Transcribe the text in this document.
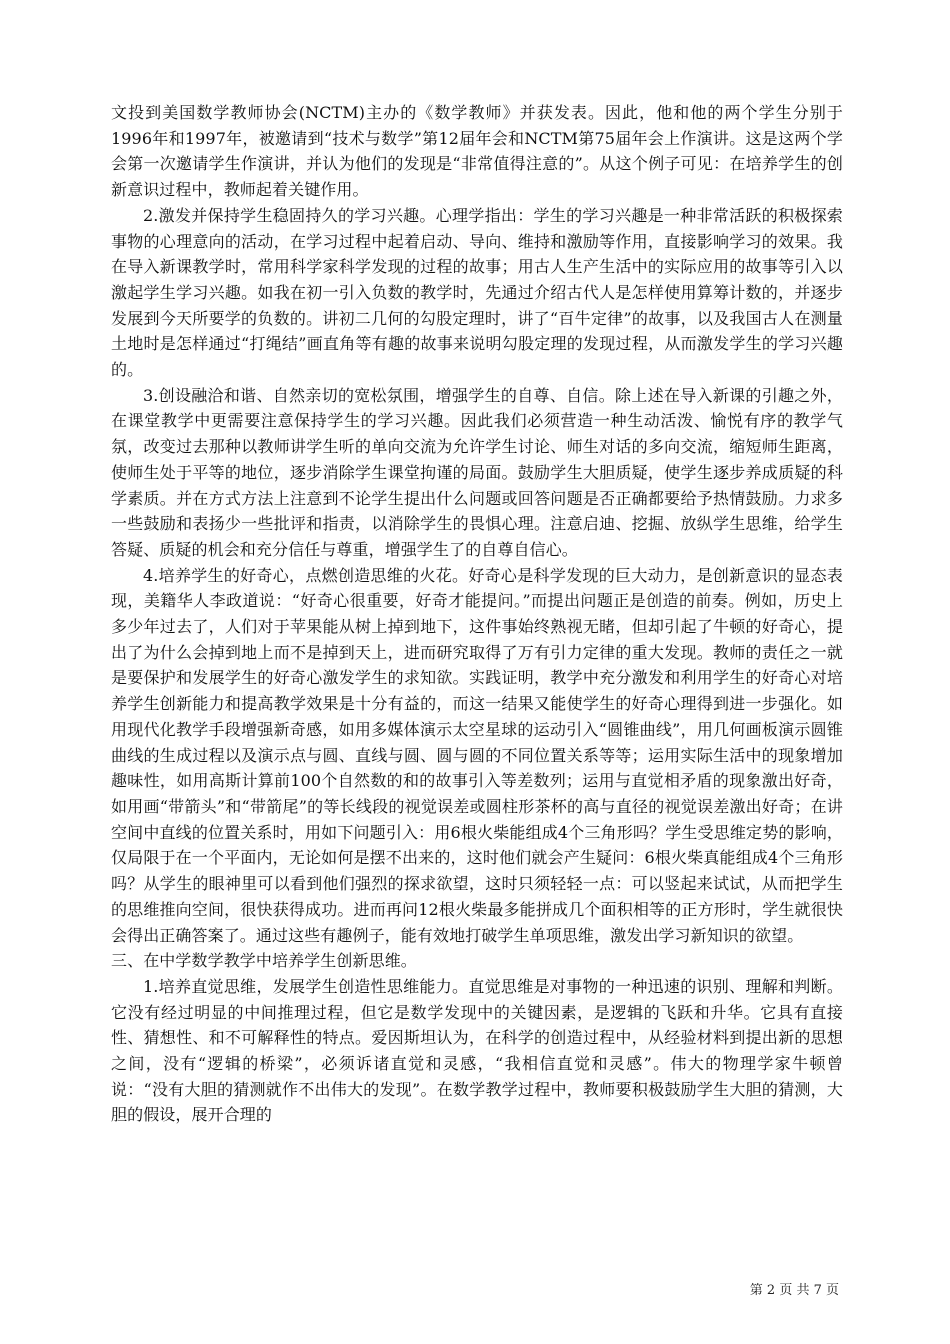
文投到美国数学教师协会(NCTM)主办的《数学教师》并获发表。因此，他和他的两个学生分别于1996年和1997年，被邀请到“技术与数学”第12届年会和NCTM第75届年会上作演讲。这是这两个学会第一次邀请学生作演讲，并认为他们的发现是“非常值得注意的”。从这个例子可见：在培养学生的创新意识过程中，教师起着关键作用。

2.激发并保持学生稳固持久的学习兴趣。心理学指出：学生的学习兴趣是一种非常活跃的积极探索事物的心理意向的活动，在学习过程中起着启动、导向、维持和激励等作用，直接影响学习的效果。我在导入新课教学时，常用科学家科学发现的过程的故事；用古人生产生活中的实际应用的故事等引入以激起学生学习兴趣。如我在初一引入负数的教学时，先通过介绍古代人是怎样使用算筹计数的，并逐步发展到今天所要学的负数的。讲初二几何的勾股定理时，讲了“百牛定律”的故事，以及我国古人在测量土地时是怎样通过“打绳结”画直角等有趣的故事来说明勾股定理的发现过程，从而激发学生的学习兴趣的。

3.创设融洽和谐、自然亲切的宽松氛围，增强学生的自尊、自信。除上述在导入新课的引趣之外，在课堂教学中更需要注意保持学生的学习兴趣。因此我们必须营造一种生动活泼、愉悦有序的教学气氛，改变过去那种以教师讲学生听的单向交流为允许学生讨论、师生对话的多向交流，缩短师生距离，使师生处于平等的地位，逐步消除学生课堂拘谨的局面。鼓励学生大胆质疑，使学生逐步养成质疑的科学素质。并在方式方法上注意到不论学生提出什么问题或回答问题是否正确都要给予热情鼓励。力求多一些鼓励和表扬少一些批评和指责，以消除学生的畏惧心理。注意启迪、挖掘、放纵学生思维，给学生答疑、质疑的机会和充分信任与尊重，增强学生了的自尊自信心。

4.培养学生的好奇心，点燃创造思维的火花。好奇心是科学发现的巨大动力，是创新意识的显态表现，美籍华人李政道说：“好奇心很重要，好奇才能提问。”而提出问题正是创造的前奏。例如，历史上多少年过去了，人们对于苹果能从树上掉到地下，这件事始终熟视无睹，但却引起了牛顿的好奇心，提出了为什么会掉到地上而不是掉到天上，进而研究取得了万有引力定律的重大发现。教师的责任之一就是要保护和发展学生的好奇心激发学生的求知欲。实践证明，教学中充分激发和利用学生的好奇心对培养学生创新能力和提高教学效果是十分有益的，而这一结果又能使学生的好奇心理得到进一步强化。如用现代化教学手段增强新奇感，如用多媒体演示太空星球的运动引入“圆锥曲线”，用几何画板演示圆锥曲线的生成过程以及演示点与圆、直线与圆、圆与圆的不同位置关系等等；运用实际生活中的现象增加趣味性，如用高斯计算前100个自然数的和的故事引入等差数列；运用与直觉相矛盾的现象激出好奇，如用画“带箭头”和“带箭尾”的等长线段的视觉误差或圆柱形茶杯的高与直径的视觉误差激出好奇；在讲空间中直线的位置关系时，用如下问题引入：用6根火柴能组成4个三角形吗？学生受思维定势的影响，仅局限于在一个平面内，无论如何是摆不出来的，这时他们就会产生疑问：6根火柴真能组成4个三角形吗？从学生的眼神里可以看到他们强烈的探求欲望，这时只须轻轻一点：可以竖起来试试，从而把学生的思维推向空间，很快获得成功。进而再问12根火柴最多能拼成几个面积相等的正方形时，学生就很快会得出正确答案了。通过这些有趣例子，能有效地打破学生单项思维，激发出学习新知识的欲望。

三、在中学数学教学中培养学生创新思维。

1.培养直觉思维，发展学生创造性思维能力。直觉思维是对事物的一种迅速的识别、理解和判断。它没有经过明显的中间推理过程，但它是数学发现中的关键因素，是逻辑的飞跃和升华。它具有直接性、猜想性、和不可解释性的特点。爱因斯坦认为，在科学的创造过程中，从经验材料到提出新的思想之间，没有“逻辑的桥梁”，必须诉诸直觉和灵感，“我相信直觉和灵感”。伟大的物理学家牛顿曾说：“没有大胆的猜测就作不出伟大的发现”。在数学教学过程中，教师要积极鼓励学生大胆的猜测，大胆的假设，展开合理的

第 2 页 共 7 页
